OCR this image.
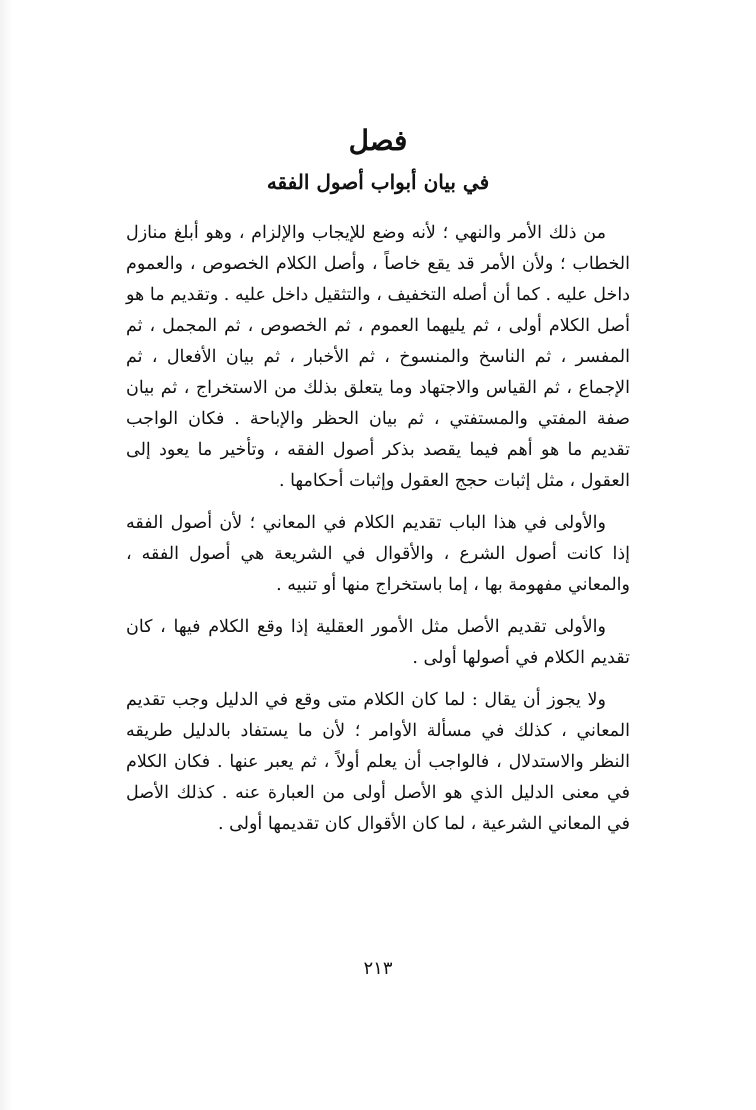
فصل
في بيان أبواب أصول الفقه

من ذلك الأمر والنهي ؛ لأنه وضع للإيجاب والإلزام ، وهو أبلغ منازل الخطاب ؛ ولأن الأمر قد يقع خاصاً ، وأصل الكلام الخصوص ، والعموم داخل عليه . كما أن أصله التخفيف ، والتثقيل داخل عليه . وتقديم ما هو أصل الكلام أولى ، ثم يليهما العموم ، ثم الخصوص ، ثم المجمل ، ثم المفسر ، ثم الناسخ والمنسوخ ، ثم الأخبار ، ثم بيان الأفعال ، ثم الإجماع ، ثم القياس والاجتهاد وما يتعلق بذلك من الاستخراج ، ثم بيان صفة المفتي والمستفتي ، ثم بيان الحظر والإباحة . فكان الواجب تقديم ما هو أهم فيما يقصد بذكر أصول الفقه ، وتأخير ما يعود إلى العقول ، مثل إثبات حجج العقول وإثبات أحكامها .

والأولى في هذا الباب تقديم الكلام في المعاني ؛ لأن أصول الفقه إذا كانت أصول الشرع ، والأقوال في الشريعة هي أصول الفقه ، والمعاني مفهومة بها ، إما باستخراج منها أو تنبيه .

والأولى تقديم الأصل مثل الأمور العقلية إذا وقع الكلام فيها ، كان تقديم الكلام في أصولها أولى .

ولا يجوز أن يقال : لما كان الكلام متى وقع في الدليل وجب تقديم المعاني ، كذلك في مسألة الأوامر ؛ لأن ما يستفاد بالدليل طريقه النظر والاستدلال ، فالواجب أن يعلم أولاً ، ثم يعبر عنها . فكان الكلام في معنى الدليل الذي هو الأصل أولى من العبارة عنه . كذلك الأصل في المعاني الشرعية ، لما كان الأقوال كان تقديمها أولى .

٢١٣
